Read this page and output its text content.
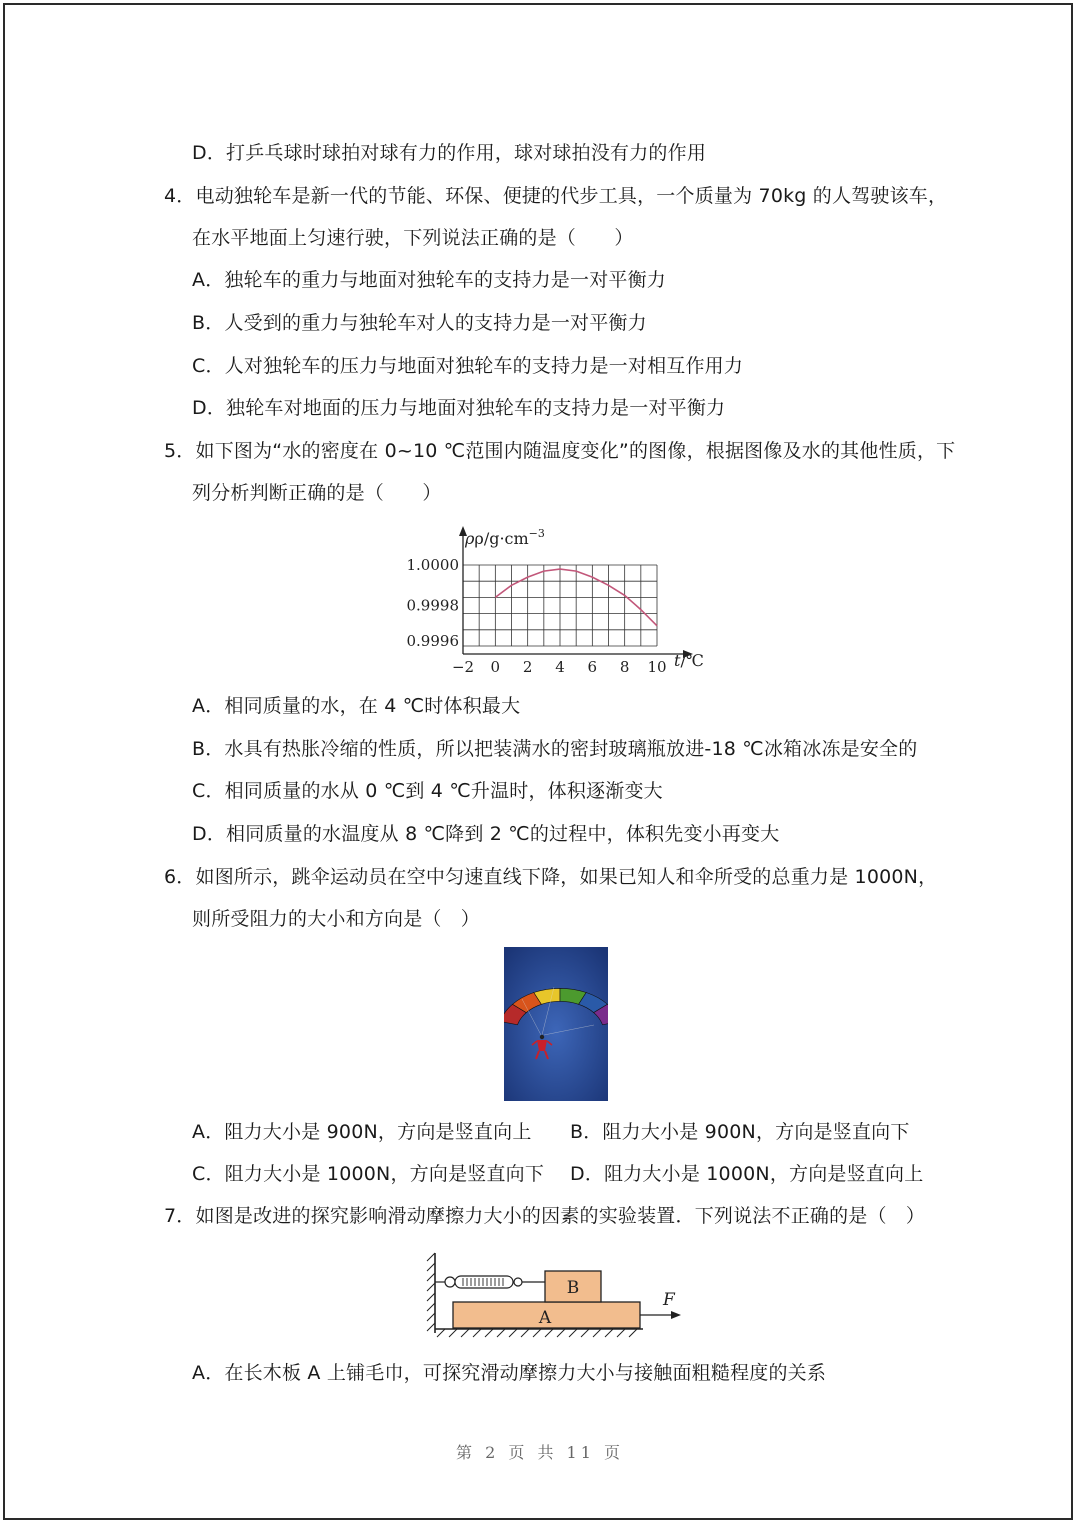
D．打乒乓球时球拍对球有力的作用，球对球拍没有力的作用
4．电动独轮车是新一代的节能、环保、便捷的代步工具，一个质量为 70kg 的人驾驶该车，
在水平地面上匀速行驶，下列说法正确的是（　　）
A．独轮车的重力与地面对独轮车的支持力是一对平衡力
B．人受到的重力与独轮车对人的支持力是一对平衡力
C．人对独轮车的压力与地面对独轮车的支持力是一对相互作用力
D．独轮车对地面的压力与地面对独轮车的支持力是一对平衡力
5．如下图为“水的密度在 0~10 ℃范围内随温度变化”的图像，根据图像及水的其他性质，下
列分析判断正确的是（　　）
−2 0 2 4 6 8 10
1.0000
0.9998
0.9996
$\rho\rho/g\cdot cm^{-3}$
t/℃
A．相同质量的水，在 4 ℃时体积最大
B．水具有热胀冷缩的性质，所以把装满水的密封玻璃瓶放进-18 ℃冰箱冰冻是安全的
C．相同质量的水从 0 ℃到 4 ℃升温时，体积逐渐变大
D．相同质量的水温度从 8 ℃降到 2 ℃的过程中，体积先变小再变大
6．如图所示，跳伞运动员在空中匀速直线下降，如果已知人和伞所受的总重力是 1000N，
则所受阻力的大小和方向是（　）
A．阻力大小是 900N，方向是竖直向上 B．阻力大小是 900N，方向是竖直向下
C．阻力大小是 1000N，方向是竖直向下 D．阻力大小是 1000N，方向是竖直向上
7．如图是改进的探究影响滑动摩擦力大小的因素的实验装置．下列说法不正确的是（　）
A
B
F
A．在长木板 A 上铺毛巾，可探究滑动摩擦力大小与接触面粗糙程度的关系
第 2 页 共 11 页
